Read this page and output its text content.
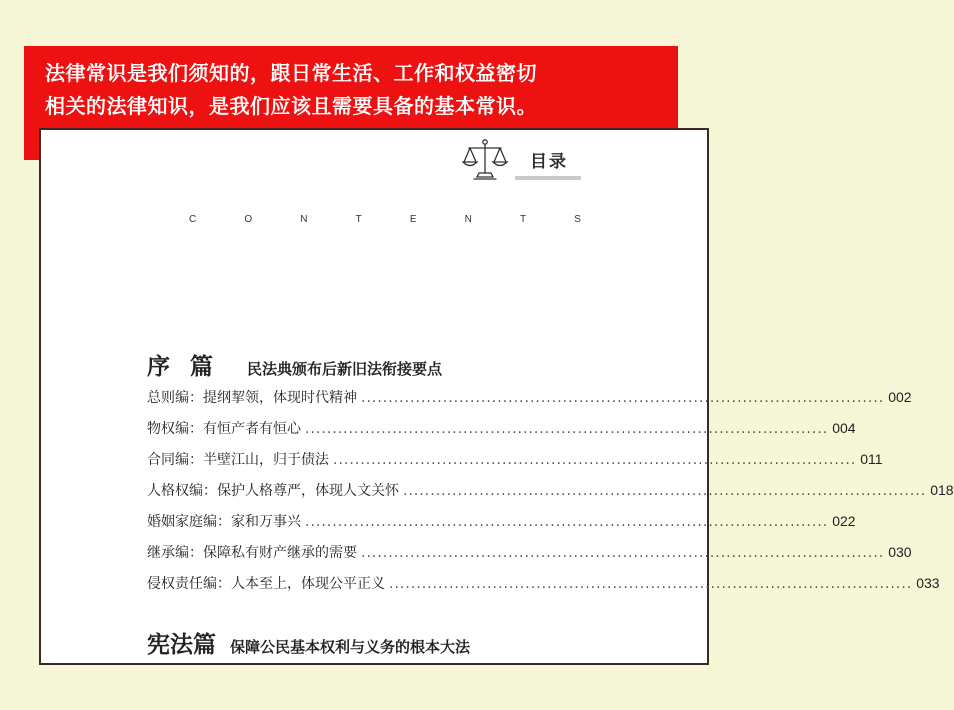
法律常识是我们须知的，跟日常生活、工作和权益密切
相关的法律知识，是我们应该且需要具备的基本常识。
目录
C	O	N	T	E	N	T	S
序篇 民法典颁布后新旧法衔接要点
总则编：提纲挈领，体现时代精神 ................................................................................................ 002
物权编：有恒产者有恒心 ................................................................................................ 004
合同编：半壁江山，归于债法 ................................................................................................ 011
人格权编：保护人格尊严，体现人文关怀 ................................................................................................ 018
婚姻家庭编：家和万事兴 ................................................................................................ 022
继承编：保障私有财产继承的需要 ................................................................................................ 030
侵权责任编：人本至上，体现公平正义 ................................................................................................ 033
宪法篇 保障公民基本权利与义务的根本大法
